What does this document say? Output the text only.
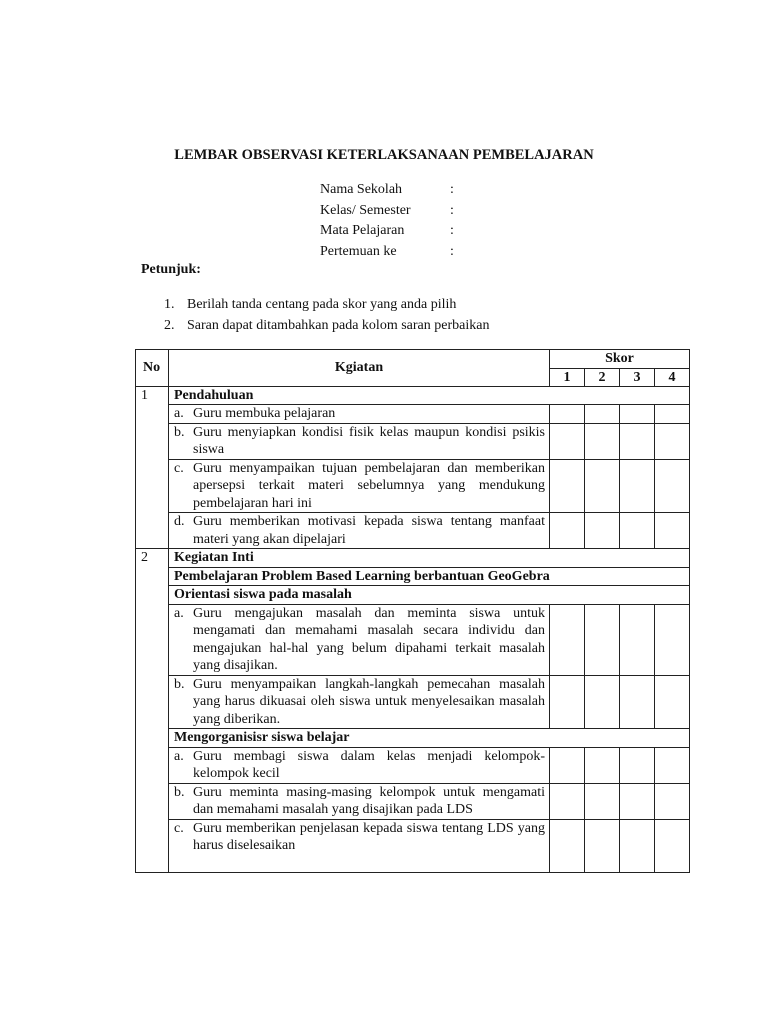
LEMBAR OBSERVASI KETERLAKSANAAN PEMBELAJARAN
Nama Sekolah	:
Kelas/ Semester	:
Mata Pelajaran	:
Pertemuan ke	:
Petunjuk:
1. Berilah tanda centang pada skor yang anda pilih
2. Saran dapat ditambahkan pada kolom saran perbaikan
No	Kgiatan	Skor			
		1	2	3	4
1	Pendahuluan				

	a. Guru membuka pelajaran				

	b. Guru menyiapkan kondisi fisik kelas maupun kondisi psikis siswa				

	c. Guru menyampaikan tujuan pembelajaran dan memberikan apersepsi terkait materi sebelumnya yang mendukung pembelajaran hari ini				

	d. Guru memberikan motivasi kepada siswa tentang manfaat materi yang akan dipelajari				

2	Kegiatan Inti				
	Pembelajaran Problem Based Learning berbantuan GeoGebra				
	Orientasi siswa pada masalah				

	a. Guru mengajukan masalah dan meminta siswa untuk mengamati dan memahami masalah secara individu dan mengajukan hal-hal yang belum dipahami terkait masalah yang disajikan.				

	b. Guru menyampaikan langkah-langkah pemecahan masalah yang harus dikuasai oleh siswa untuk menyelesaikan masalah yang diberikan.				

	Mengorganisisr siswa belajar				

	a. Guru membagi siswa dalam kelas menjadi kelompok-kelompok kecil				

	b. Guru meminta masing-masing kelompok untuk mengamati dan memahami masalah yang disajikan pada LDS				

	c. Guru memberikan penjelasan kepada siswa tentang LDS yang harus diselesaikan				
